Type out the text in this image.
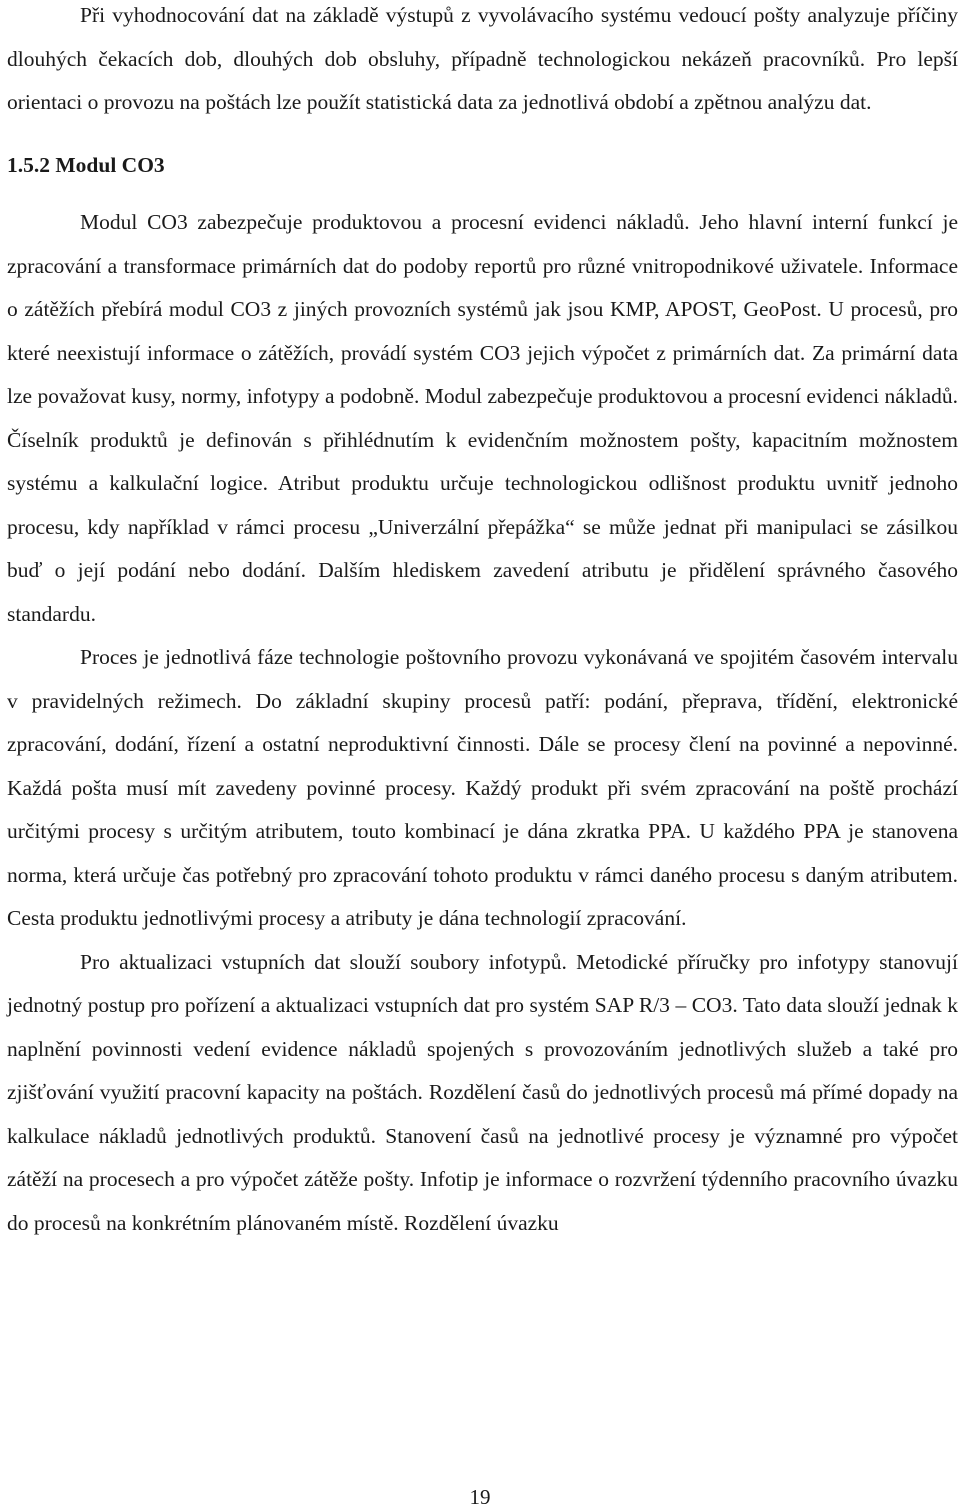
Při vyhodnocování dat na základě výstupů z vyvolávacího systému vedoucí pošty analyzuje příčiny dlouhých čekacích dob, dlouhých dob obsluhy, případně technologickou nekázeň pracovníků. Pro lepší orientaci o provozu na poštách lze použít statistická data za jednotlivá období a zpětnou analýzu dat.

1.5.2 Modul CO3

Modul CO3 zabezpečuje produktovou a procesní evidenci nákladů. Jeho hlavní interní funkcí je zpracování a transformace primárních dat do podoby reportů pro různé vnitropodnikové uživatele. Informace o zátěžích přebírá modul CO3 z jiných provozních systémů jak jsou KMP, APOST, GeoPost. U procesů, pro které neexistují informace o zátěžích, provádí systém CO3 jejich výpočet z primárních dat. Za primární data lze považovat kusy, normy, infotypy a podobně. Modul zabezpečuje produktovou a procesní evidenci nákladů. Číselník produktů je definován s přihlédnutím k evidenčním možnostem pošty, kapacitním možnostem systému a kalkulační logice. Atribut produktu určuje technologickou odlišnost produktu uvnitř jednoho procesu, kdy například v rámci procesu „Univerzální přepážka“ se může jednat při manipulaci se zásilkou buď o její podání nebo dodání. Dalším hlediskem zavedení atributu je přidělení správného časového standardu.

Proces je jednotlivá fáze technologie poštovního provozu vykonávaná ve spojitém časovém intervalu v pravidelných režimech. Do základní skupiny procesů patří: podání, přeprava, třídění, elektronické zpracování, dodání, řízení a ostatní neproduktivní činnosti. Dále se procesy člení na povinné a nepovinné. Každá pošta musí mít zavedeny povinné procesy. Každý produkt při svém zpracování na poště prochází určitými procesy s určitým atributem, touto kombinací je dána zkratka PPA. U každého PPA je stanovena norma, která určuje čas potřebný pro zpracování tohoto produktu v rámci daného procesu s daným atributem. Cesta produktu jednotlivými procesy a atributy je dána technologií zpracování.

Pro aktualizaci vstupních dat slouží soubory infotypů. Metodické příručky pro infotypy stanovují jednotný postup pro pořízení a aktualizaci vstupních dat pro systém SAP R/3 – CO3. Tato data slouží jednak k naplnění povinnosti vedení evidence nákladů spojených s provozováním jednotlivých služeb a také pro zjišťování využití pracovní kapacity na poštách. Rozdělení časů do jednotlivých procesů má přímé dopady na kalkulace nákladů jednotlivých produktů. Stanovení časů na jednotlivé procesy je významné pro výpočet zátěží na procesech a pro výpočet zátěže pošty. Infotip je informace o rozvržení týdenního pracovního úvazku do procesů na konkrétním plánovaném místě. Rozdělení úvazku

19
